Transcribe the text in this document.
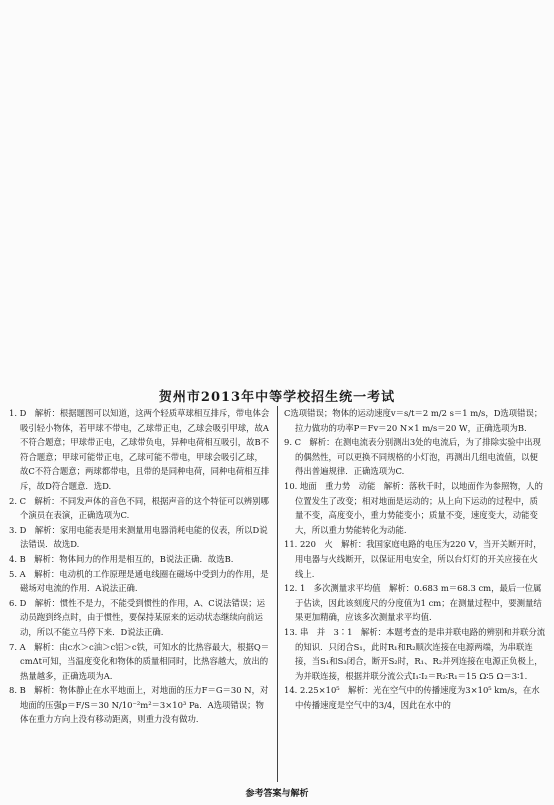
贺州市2013年中等学校招生统一考试

1. D　解析：根据题图可以知道，这两个轻质草球相互排斥，带电体会吸引轻小物体，若甲球不带电，乙球带正电，乙球会吸引甲球，故A不符合题意；甲球带正电，乙球带负电，异种电荷相互吸引，故B不符合题意；甲球可能带正电，乙球可能不带电，甲球会吸引乙球，故C不符合题意；两球都带电，且带的是同种电荷，同种电荷相互排斥，故D符合题意．选D.

2. C　解析：不同发声体的音色不同，根据声音的这个特征可以辨别哪个演员在表演，正确选项为C.

3. D　解析：家用电能表是用来测量用电器消耗电能的仪表，所以D说法错误．故选D.

4. B　解析：物体间力的作用是相互的，B说法正确．故选B.

5. A　解析：电动机的工作原理是通电线圈在磁场中受到力的作用，是磁场对电流的作用．A说法正确.

6. D　解析：惯性不是力，不能受到惯性的作用，A、C说法错误；运动员跑到终点时，由于惯性，要保持某原来的运动状态继续向前运动，所以不能立马停下来．D说法正确.

7. A　解析：由c水＞c油＞c铝＞c铁，可知水的比热容最大，根据Q＝cmΔt可知，当温度变化和物体的质量相同时，比热容越大，放出的热量越多，正确选项为A.

8. B　解析：物体静止在水平地面上，对地面的压力F＝G＝30 N，对地面的压强p＝F/S＝30 N/10⁻²m²＝3×10³ Pa．A选项错误；物体在重力方向上没有移动距离，则重力没有做功．

C选项错误；物体的运动速度v＝s/t＝2 m/2 s＝1 m/s，D选项错误；拉力做功的功率P＝Fv＝20 N×1 m/s＝20 W，正确选项为B.

9. C　解析：在测电流表分别测出3处的电流后，为了排除实验中出现的偶然性，可以更换不同规格的小灯泡，再测出几组电流值，以便得出普遍规律．正确选项为C.

10. 地面　重力势　动能　解析：落秋千时，以地面作为参照物，人的位置发生了改变；相对地面是运动的；从上向下运动的过程中，质量不变，高度变小，重力势能变小；质量不变，速度变大，动能变大，所以重力势能转化为动能.

11. 220　火　解析：我国家庭电路的电压为220 V，当开关断开时，用电器与火线断开，以保证用电安全，所以台灯灯的开关应接在火线上.

12. 1　多次测量求平均值　解析：0.683 m＝68.3 cm，最后一位属于估读，因此该刻度尺的分度值为1 cm；在测量过程中，要测量结果更加精确，应该多次测量求平均值.

13. 串　并　3∶1　解析：本题考查的是串并联电路的辨别和并联分流的知识．只闭合S₁，此时R₁和R₂顺次连接在电源两端，为串联连接，当S₁和S₃闭合，断开S₂时，R₁、R₂并列连接在电源正负极上，为并联连接，根据并联分流公式I₁∶I₂＝R₂∶R₁＝15 Ω∶5 Ω＝3∶1.

14. 2.25×10⁵　解析：光在空气中的传播速度为3×10⁵ km/s，在水中传播速度是空气中的3/4，因此在水中的

参考答案与解析
